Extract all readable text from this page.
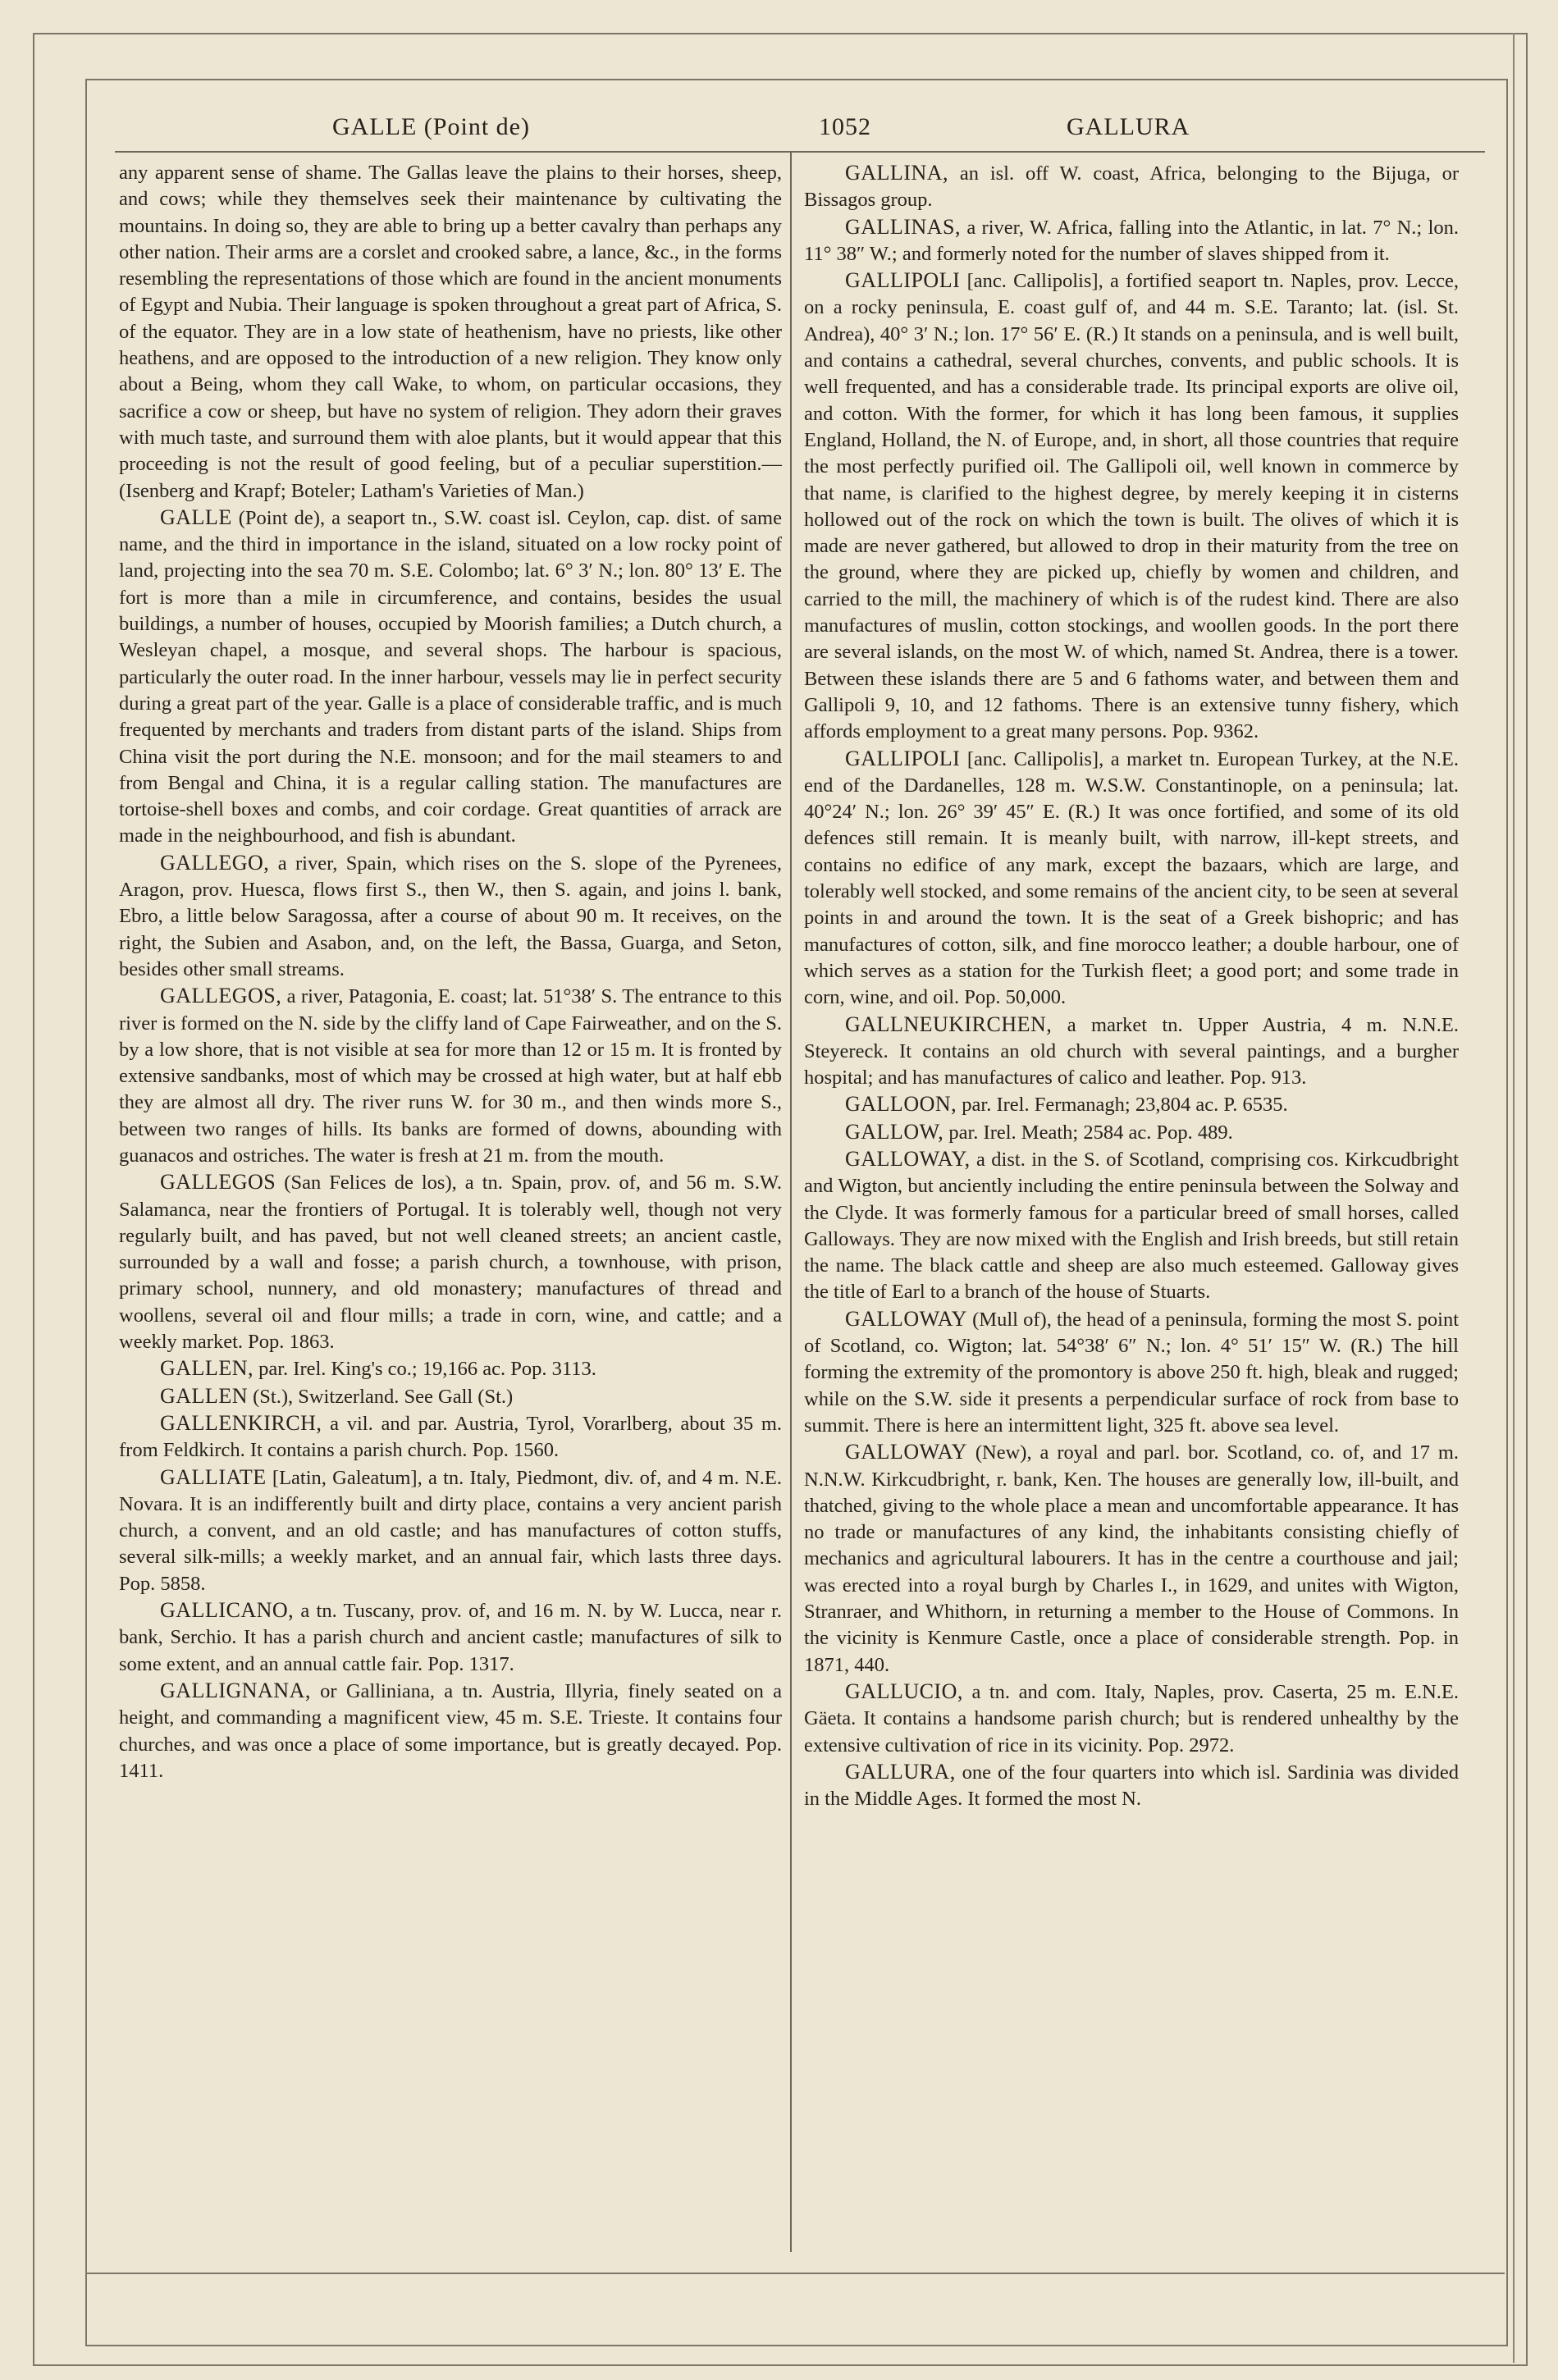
GALLE (Point de)	1052	GALLURA

any apparent sense of shame. The Gallas leave the plains to their horses, sheep, and cows; while they themselves seek their maintenance by cultivating the mountains. In doing so, they are able to bring up a better cavalry than perhaps any other nation. Their arms are a corslet and crooked sabre, a lance, &c., in the forms resembling the representations of those which are found in the ancient monuments of Egypt and Nubia. Their language is spoken throughout a great part of Africa, S. of the equator. They are in a low state of heathenism, have no priests, like other heathens, and are opposed to the introduction of a new religion. They know only about a Being, whom they call Wake, to whom, on particular occasions, they sacrifice a cow or sheep, but have no system of religion. They adorn their graves with much taste, and surround them with aloe plants, but it would appear that this proceeding is not the result of good feeling, but of a peculiar superstition.—(Isenberg and Krapf; Boteler; Latham's Varieties of Man.)

GALLE (Point de), a seaport tn., S.W. coast isl. Ceylon, cap. dist. of same name, and the third in importance in the island, situated on a low rocky point of land, projecting into the sea 70 m. S.E. Colombo; lat. 6° 3′ N.; lon. 80° 13′ E. The fort is more than a mile in circumference, and contains, besides the usual buildings, a number of houses, occupied by Moorish families; a Dutch church, a Wesleyan chapel, a mosque, and several shops. The harbour is spacious, particularly the outer road. In the inner harbour, vessels may lie in perfect security during a great part of the year. Galle is a place of considerable traffic, and is much frequented by merchants and traders from distant parts of the island. Ships from China visit the port during the N.E. monsoon; and for the mail steamers to and from Bengal and China, it is a regular calling station. The manufactures are tortoise-shell boxes and combs, and coir cordage. Great quantities of arrack are made in the neighbourhood, and fish is abundant.

GALLEGO, a river, Spain, which rises on the S. slope of the Pyrenees, Aragon, prov. Huesca, flows first S., then W., then S. again, and joins l. bank, Ebro, a little below Saragossa, after a course of about 90 m. It receives, on the right, the Subien and Asabon, and, on the left, the Bassa, Guarga, and Seton, besides other small streams.

GALLEGOS, a river, Patagonia, E. coast; lat. 51°38′ S. The entrance to this river is formed on the N. side by the cliffy land of Cape Fairweather, and on the S. by a low shore, that is not visible at sea for more than 12 or 15 m. It is fronted by extensive sandbanks, most of which may be crossed at high water, but at half ebb they are almost all dry. The river runs W. for 30 m., and then winds more S., between two ranges of hills. Its banks are formed of downs, abounding with guanacos and ostriches. The water is fresh at 21 m. from the mouth.

GALLEGOS (San Felices de los), a tn. Spain, prov. of, and 56 m. S.W. Salamanca, near the frontiers of Portugal. It is tolerably well, though not very regularly built, and has paved, but not well cleaned streets; an ancient castle, surrounded by a wall and fosse; a parish church, a townhouse, with prison, primary school, nunnery, and old monastery; manufactures of thread and woollens, several oil and flour mills; a trade in corn, wine, and cattle; and a weekly market. Pop. 1863.

GALLEN, par. Irel. King's co.; 19,166 ac. Pop. 3113.

GALLEN (St.), Switzerland. See Gall (St.)

GALLENKIRCH, a vil. and par. Austria, Tyrol, Vorarlberg, about 35 m. from Feldkirch. It contains a parish church. Pop. 1560.

GALLIATE [Latin, Galeatum], a tn. Italy, Piedmont, div. of, and 4 m. N.E. Novara. It is an indifferently built and dirty place, contains a very ancient parish church, a convent, and an old castle; and has manufactures of cotton stuffs, several silk-mills; a weekly market, and an annual fair, which lasts three days. Pop. 5858.

GALLICANO, a tn. Tuscany, prov. of, and 16 m. N. by W. Lucca, near r. bank, Serchio. It has a parish church and ancient castle; manufactures of silk to some extent, and an annual cattle fair. Pop. 1317.

GALLIGNANA, or Galliniana, a tn. Austria, Illyria, finely seated on a height, and commanding a magnificent view, 45 m. S.E. Trieste. It contains four churches, and was once a place of some importance, but is greatly decayed. Pop. 1411.

GALLINA, an isl. off W. coast, Africa, belonging to the Bijuga, or Bissagos group.

GALLINAS, a river, W. Africa, falling into the Atlantic, in lat. 7° N.; lon. 11° 38″ W.; and formerly noted for the number of slaves shipped from it.

GALLIPOLI [anc. Callipolis], a fortified seaport tn. Naples, prov. Lecce, on a rocky peninsula, E. coast gulf of, and 44 m. S.E. Taranto; lat. (isl. St. Andrea), 40° 3′ N.; lon. 17° 56′ E. (R.) It stands on a peninsula, and is well built, and contains a cathedral, several churches, convents, and public schools. It is well frequented, and has a considerable trade. Its principal exports are olive oil, and cotton. With the former, for which it has long been famous, it supplies England, Holland, the N. of Europe, and, in short, all those countries that require the most perfectly purified oil. The Gallipoli oil, well known in commerce by that name, is clarified to the highest degree, by merely keeping it in cisterns hollowed out of the rock on which the town is built. The olives of which it is made are never gathered, but allowed to drop in their maturity from the tree on the ground, where they are picked up, chiefly by women and children, and carried to the mill, the machinery of which is of the rudest kind. There are also manufactures of muslin, cotton stockings, and woollen goods. In the port there are several islands, on the most W. of which, named St. Andrea, there is a tower. Between these islands there are 5 and 6 fathoms water, and between them and Gallipoli 9, 10, and 12 fathoms. There is an extensive tunny fishery, which affords employment to a great many persons. Pop. 9362.

GALLIPOLI [anc. Callipolis], a market tn. European Turkey, at the N.E. end of the Dardanelles, 128 m. W.S.W. Constantinople, on a peninsula; lat. 40°24′ N.; lon. 26° 39′ 45″ E. (R.) It was once fortified, and some of its old defences still remain. It is meanly built, with narrow, ill-kept streets, and contains no edifice of any mark, except the bazaars, which are large, and tolerably well stocked, and some remains of the ancient city, to be seen at several points in and around the town. It is the seat of a Greek bishopric; and has manufactures of cotton, silk, and fine morocco leather; a double harbour, one of which serves as a station for the Turkish fleet; a good port; and some trade in corn, wine, and oil. Pop. 50,000.

GALLNEUKIRCHEN, a market tn. Upper Austria, 4 m. N.N.E. Steyereck. It contains an old church with several paintings, and a burgher hospital; and has manufactures of calico and leather. Pop. 913.

GALLOON, par. Irel. Fermanagh; 23,804 ac. P. 6535.

GALLOW, par. Irel. Meath; 2584 ac. Pop. 489.

GALLOWAY, a dist. in the S. of Scotland, comprising cos. Kirkcudbright and Wigton, but anciently including the entire peninsula between the Solway and the Clyde. It was formerly famous for a particular breed of small horses, called Galloways. They are now mixed with the English and Irish breeds, but still retain the name. The black cattle and sheep are also much esteemed. Galloway gives the title of Earl to a branch of the house of Stuarts.

GALLOWAY (Mull of), the head of a peninsula, forming the most S. point of Scotland, co. Wigton; lat. 54°38′ 6″ N.; lon. 4° 51′ 15″ W. (R.) The hill forming the extremity of the promontory is above 250 ft. high, bleak and rugged; while on the S.W. side it presents a perpendicular surface of rock from base to summit. There is here an intermittent light, 325 ft. above sea level.

GALLOWAY (New), a royal and parl. bor. Scotland, co. of, and 17 m. N.N.W. Kirkcudbright, r. bank, Ken. The houses are generally low, ill-built, and thatched, giving to the whole place a mean and uncomfortable appearance. It has no trade or manufactures of any kind, the inhabitants consisting chiefly of mechanics and agricultural labourers. It has in the centre a courthouse and jail; was erected into a royal burgh by Charles I., in 1629, and unites with Wigton, Stranraer, and Whithorn, in returning a member to the House of Commons. In the vicinity is Kenmure Castle, once a place of considerable strength. Pop. in 1871, 440.

GALLUCIO, a tn. and com. Italy, Naples, prov. Caserta, 25 m. E.N.E. Gäeta. It contains a handsome parish church; but is rendered unhealthy by the extensive cultivation of rice in its vicinity. Pop. 2972.

GALLURA, one of the four quarters into which isl. Sardinia was divided in the Middle Ages. It formed the most N.
